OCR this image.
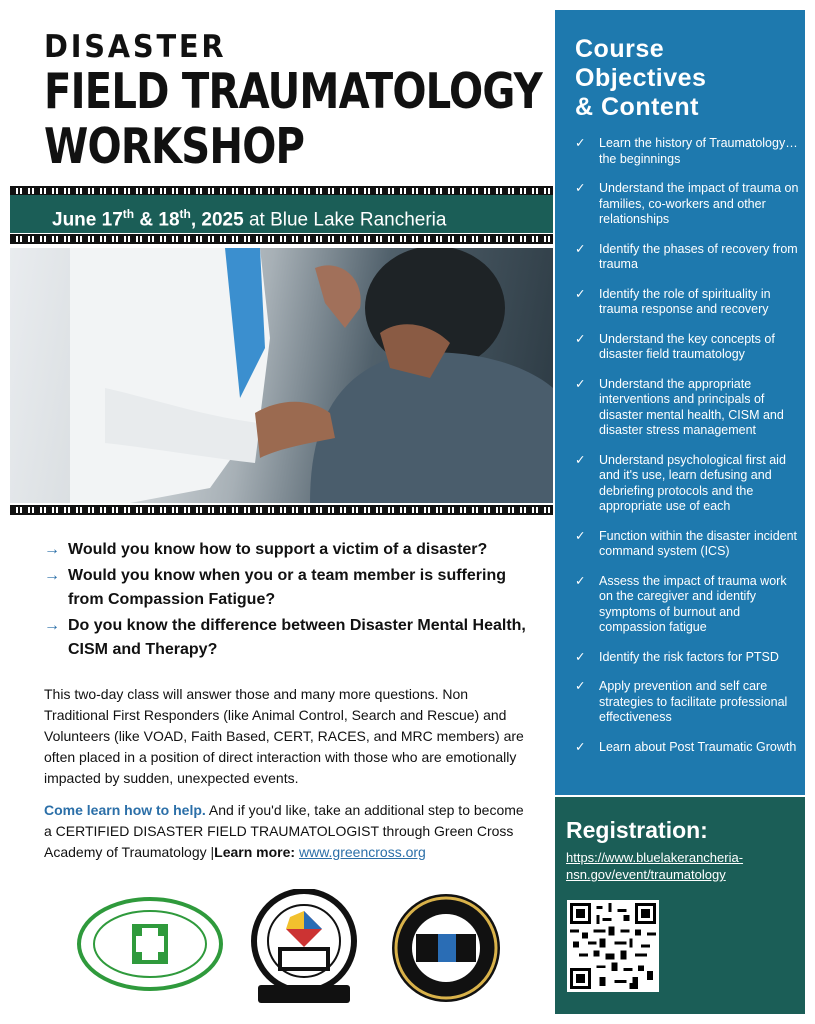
DISASTER

FIELD TRAUMATOLOGY

WORKSHOP

June 17th & 18th, 2025 at Blue Lake Rancheria
→ Would you know how to support a victim of a disaster?
→ Would you know when you or a team member is suffering from Compassion Fatigue?
→ Do you know the difference between Disaster Mental Health, CISM and Therapy?

This two-day class will answer those and many more questions. Non Traditional First Responders (like Animal Control, Search and Rescue) and Volunteers (like VOAD, Faith Based, CERT, RACES, and MRC members) are often placed in a position of direct interaction with those who are emotionally impacted by sudden, unexpected events.

Come learn how to help. And if you'd like, take an additional step to become a CERTIFIED DISASTER FIELD TRAUMATOLOGIST through Green Cross Academy of Traumatology |Learn more: www.greencross.org

Course
Objectives
& Content
✓ Learn the history of Traumatology… the beginnings
✓ Understand the impact of trauma on families, co-workers and other relationships
✓ Identify the phases of recovery from trauma
✓ Identify the role of spirituality in trauma response and recovery
✓ Understand the key concepts of disaster field traumatology
✓ Understand the appropriate interventions and principals of disaster mental health, CISM and disaster stress management
✓ Understand psychological first aid and it's use, learn defusing and debriefing protocols and the appropriate use of each
✓ Function within the disaster incident command system (ICS)
✓ Assess the impact of trauma work on the caregiver and identify symptoms of burnout and compassion fatigue
✓ Identify the risk factors for PTSD
✓ Apply prevention and self care strategies to facilitate professional effectiveness
✓ Learn about Post Traumatic Growth
Registration:
https://www.bluelakerancheria-nsn.gov/event/traumatology
